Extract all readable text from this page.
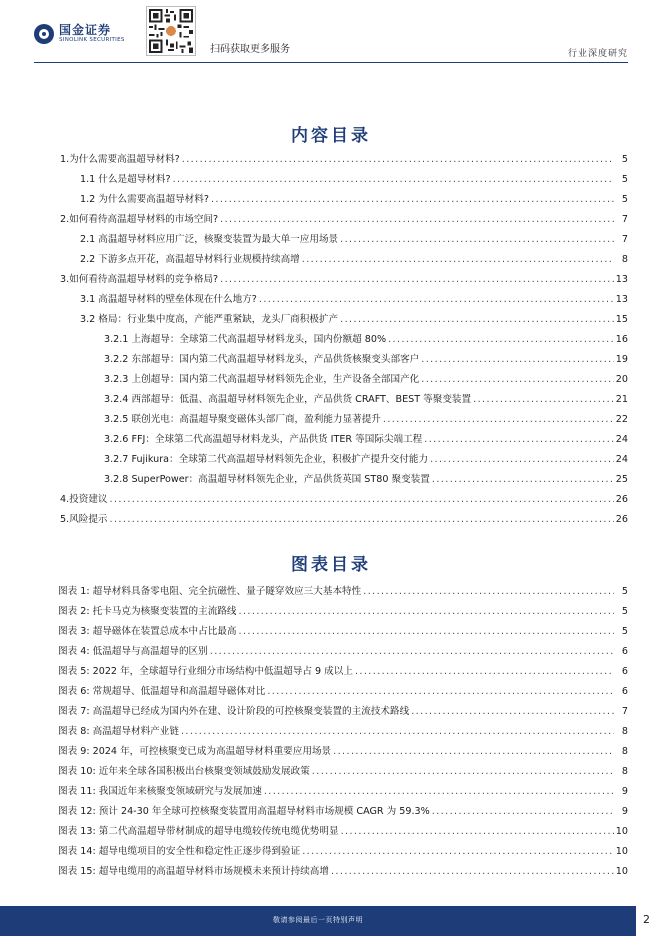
国金证券
SINOLINK SECURITIES
扫码获取更多服务	行业深度研究
内容目录
1.为什么需要高温超导材料? .....	5
1.1 什么是超导材料? .....	5
1.2 为什么需要高温超导材料? .....	5
2.如何看待高温超导材料的市场空间? .....	7
2.1 高温超导材料应用广泛，核聚变装置为最大单一应用场景 .....	7
2.2 下游多点开花，高温超导材料行业规模持续高增 .....	8
3.如何看待高温超导材料的竞争格局? .....	13
3.1 高温超导材料的壁垒体现在什么地方? .....	13
3.2 格局：行业集中度高，产能严重紧缺，龙头厂商积极扩产 .....	15
3.2.1 上海超导：全球第二代高温超导材料龙头，国内份额超 80% .....	16
3.2.2 东部超导：国内第二代高温超导材料龙头，产品供货核聚变头部客户 .....	19
3.2.3 上创超导：国内第二代高温超导材料领先企业，生产设备全部国产化 .....	20
3.2.4 西部超导：低温、高温超导材料领先企业，产品供货 CRAFT、BEST 等聚变装置 .....	21
3.2.5 联创光电：高温超导聚变磁体头部厂商，盈利能力显著提升 .....	22
3.2.6 FFJ：全球第二代高温超导材料龙头，产品供货 ITER 等国际尖端工程 .....	24
3.2.7 Fujikura：全球第二代高温超导材料领先企业，积极扩产提升交付能力 .....	24
3.2.8 SuperPower：高温超导材料领先企业，产品供货英国 ST80 聚变装置 .....	25
4.投资建议 .....	26
5.风险提示 .....	26
图表目录
图表 1: 超导材料具备零电阻、完全抗磁性、量子隧穿效应三大基本特性 .....	5
图表 2: 托卡马克为核聚变装置的主流路线 .....	5
图表 3: 超导磁体在装置总成本中占比最高 .....	5
图表 4: 低温超导与高温超导的区别 .....	6
图表 5: 2022 年，全球超导行业细分市场结构中低温超导占 9 成以上 .....	6
图表 6: 常规超导、低温超导和高温超导磁体对比 .....	6
图表 7: 高温超导已经成为国内外在建、设计阶段的可控核聚变装置的主流技术路线 .....	7
图表 8: 高温超导材料产业链 .....	8
图表 9: 2024 年，可控核聚变已成为高温超导材料重要应用场景 .....	8
图表 10: 近年来全球各国积极出台核聚变领域鼓励发展政策 .....	8
图表 11: 我国近年来核聚变领域研究与发展加速 .....	9
图表 12: 预计 24-30 年全球可控核聚变装置用高温超导材料市场规模 CAGR 为 59.3% .....	9
图表 13: 第二代高温超导带材制成的超导电缆较传统电缆优势明显 .....	10
图表 14: 超导电缆项目的安全性和稳定性正逐步得到验证 .....	10
图表 15: 超导电缆用的高温超导材料市场规模未来预计持续高增 .....	10
敬请参阅最后一页特别声明	2
